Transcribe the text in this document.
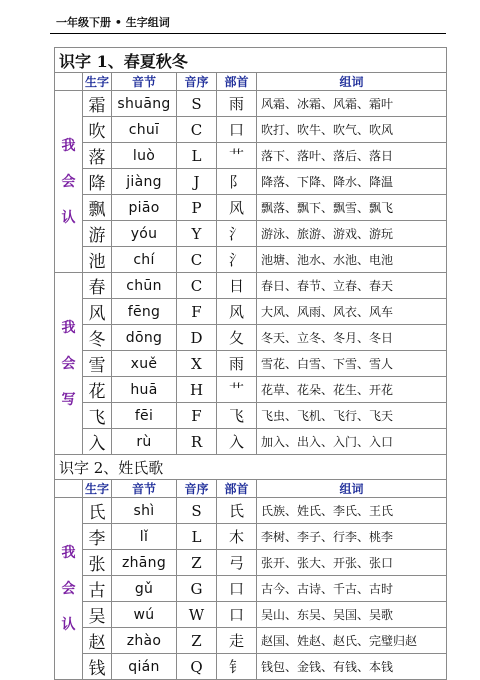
一年级下册 • 生字组词
识字 1、春夏秋冬					
	生字	音节	音序	部首	组词

我
会
认	霜	shuāng	S	雨	风霜、冰霜、风霜、霜叶
	吹	chuī	C	口	吹打、吹牛、吹气、吹风
	落	luò	L	艹	落下、落叶、落后、落日
	降	jiàng	J	阝	降落、下降、降水、降温
	飘	piāo	P	风	飘落、飘下、飘雪、飘飞
	游	yóu	Y	氵	游泳、旅游、游戏、游玩
	池	chí	C	氵	池塘、池水、水池、电池

我
会
写	春	chūn	C	日	春日、春节、立春、春天
	风	fēng	F	风	大风、风雨、风衣、风车
	冬	dōng	D	夂	冬天、立冬、冬月、冬日
	雪	xuě	X	雨	雪花、白雪、下雪、雪人
	花	huā	H	艹	花草、花朵、花生、开花
	飞	fēi	F	飞	飞虫、飞机、飞行、飞天
	入	rù	R	入	加入、出入、入门、入口
识字 2、姓氏歌					
	生字	音节	音序	部首	组词

我
会
认	氏	shì	S	氏	氏族、姓氏、李氏、王氏
	李	lǐ	L	木	李树、李子、行李、桃李
	张	zhāng	Z	弓	张开、张大、开张、张口
	古	gǔ	G	口	古今、古诗、千古、古时
	吴	wú	W	口	吴山、东吴、吴国、吴歌
	赵	zhào	Z	走	赵国、姓赵、赵氏、完璧归赵
	钱	qián	Q	钅	钱包、金钱、有钱、本钱
